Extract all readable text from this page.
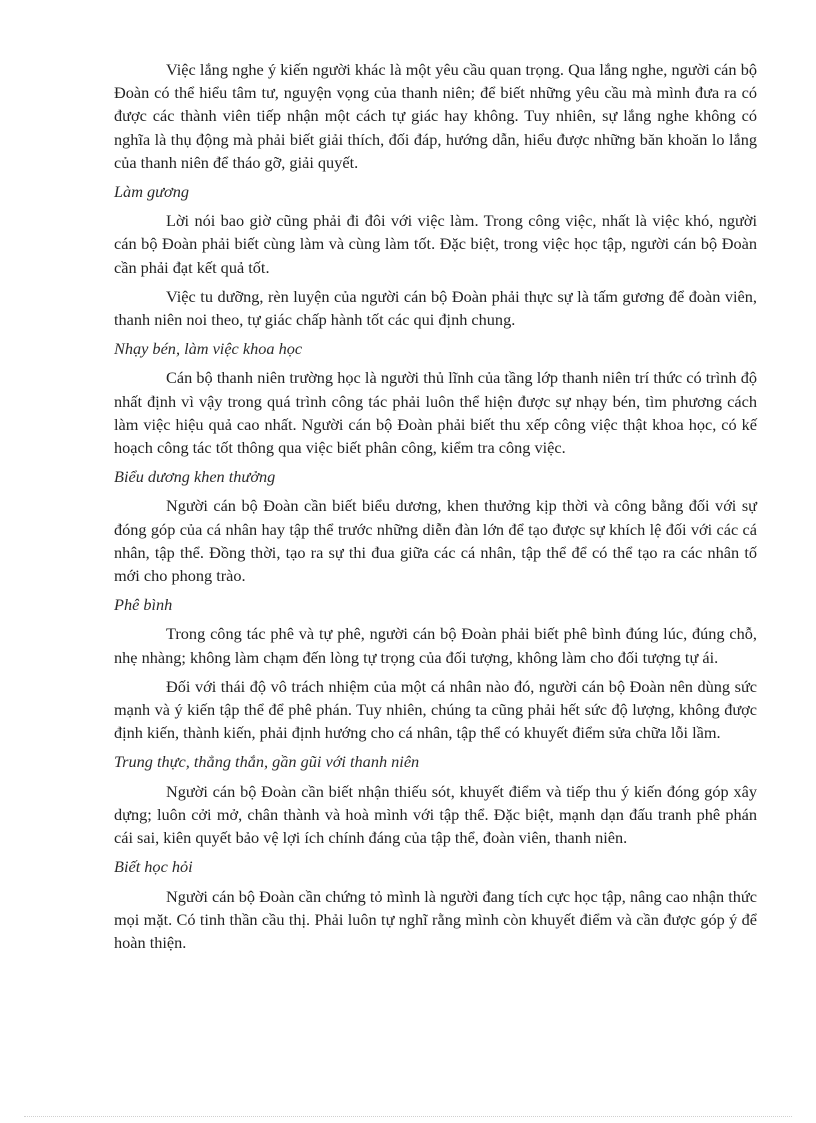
Việc lắng nghe ý kiến người khác là một yêu cầu quan trọng. Qua lắng nghe, người cán bộ Đoàn có thể hiểu tâm tư, nguyện vọng của thanh niên; để biết những yêu cầu mà mình đưa ra có được các thành viên tiếp nhận một cách tự giác hay không. Tuy nhiên, sự lắng nghe không có nghĩa là thụ động mà phải biết giải thích, đối đáp, hướng dẫn, hiểu được những băn khoăn lo lắng của thanh niên để tháo gỡ, giải quyết.

Làm gương

Lời nói bao giờ cũng phải đi đôi với việc làm. Trong công việc, nhất là việc khó, người cán bộ Đoàn phải biết cùng làm và cùng làm tốt. Đặc biệt, trong việc học tập, người cán bộ Đoàn cần phải đạt kết quả tốt.

Việc tu dưỡng, rèn luyện của người cán bộ Đoàn phải thực sự là tấm gương để đoàn viên, thanh niên noi theo, tự giác chấp hành tốt các qui định chung.

Nhạy bén, làm việc khoa học

Cán bộ thanh niên trường học là người thủ lĩnh của tầng lớp thanh niên trí thức có trình độ nhất định vì vậy trong quá trình công tác phải luôn thể hiện được sự nhạy bén, tìm phương cách làm việc hiệu quả cao nhất. Người cán bộ Đoàn phải biết thu xếp công việc thật khoa học, có kế hoạch công tác tốt thông qua việc biết phân công, kiểm tra công việc.

Biểu dương khen thưởng

Người cán bộ Đoàn cần biết biểu dương, khen thưởng kịp thời và công bằng đối với sự đóng góp của cá nhân hay tập thể trước những diễn đàn lớn để tạo được sự khích lệ đối với các cá nhân, tập thể. Đồng thời, tạo ra sự thi đua giữa các cá nhân, tập thể để có thể tạo ra các nhân tố mới cho phong trào.

Phê bình

Trong công tác phê và tự phê, người cán bộ Đoàn phải biết phê bình đúng lúc, đúng chỗ, nhẹ nhàng; không làm chạm đến lòng tự trọng của đối tượng, không làm cho đối tượng tự ái.

Đối với thái độ vô trách nhiệm của một cá nhân nào đó, người cán bộ Đoàn nên dùng sức mạnh và ý kiến tập thể để phê phán. Tuy nhiên, chúng ta cũng phải hết sức độ lượng, không được định kiến, thành kiến, phải định hướng cho cá nhân, tập thể có khuyết điểm sửa chữa lỗi lầm.

Trung thực, thẳng thắn, gần gũi với thanh niên

Người cán bộ Đoàn cần biết nhận thiếu sót, khuyết điểm và tiếp thu ý kiến đóng góp xây dựng; luôn cởi mở, chân thành và hoà mình với tập thể. Đặc biệt, mạnh dạn đấu tranh phê phán cái sai, kiên quyết bảo vệ lợi ích chính đáng của tập thể, đoàn viên, thanh niên.

Biết học hỏi

Người cán bộ Đoàn cần chứng tỏ mình là người đang tích cực học tập, nâng cao nhận thức mọi mặt. Có tinh thần cầu thị. Phải luôn tự nghĩ rằng mình còn khuyết điểm và cần được góp ý để hoàn thiện.
